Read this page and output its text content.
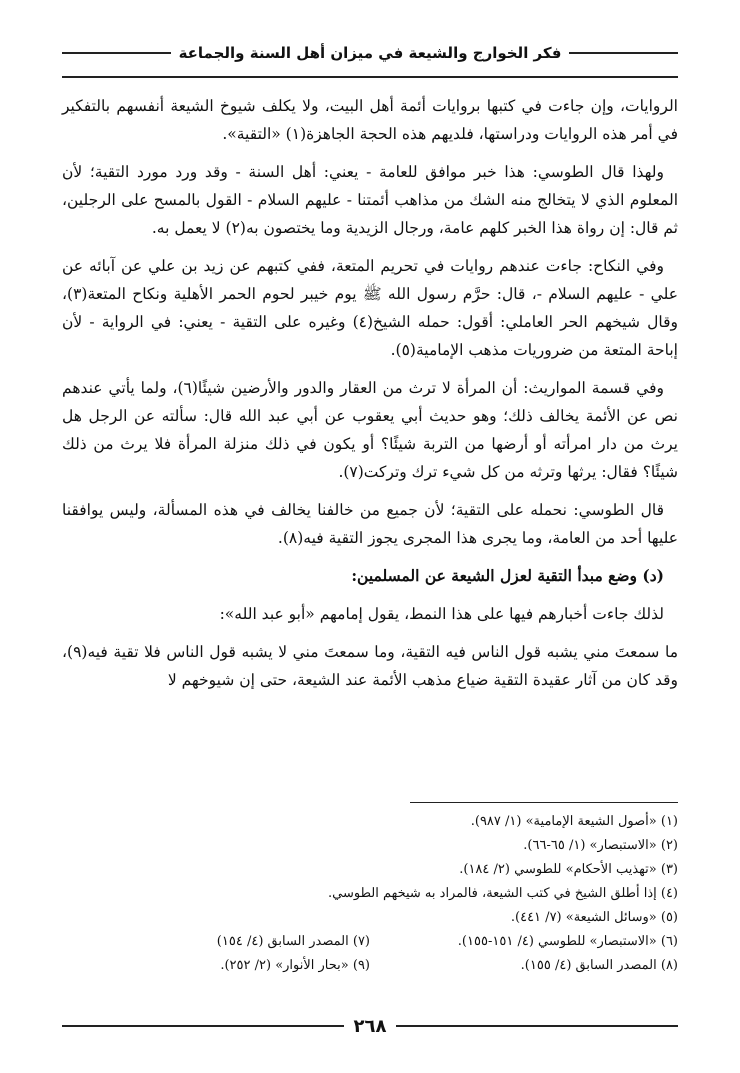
فكر الخوارج والشيعة في ميزان أهل السنة والجماعة

الروايات، وإن جاءت في كتبها بروايات أئمة أهل البيت، ولا يكلف شيوخ الشيعة أنفسهم بالتفكير في أمر هذه الروايات ودراستها، فلديهم هذه الحجة الجاهزة(١) «التقية».

ولهذا قال الطوسي: هذا خبر موافق للعامة - يعني: أهل السنة - وقد ورد مورد التقية؛ لأن المعلوم الذي لا يتخالج منه الشك من مذاهب أئمتنا - عليهم السلام - القول بالمسح على الرجلين، ثم قال: إن رواة هذا الخبر كلهم عامة، ورجال الزيدية وما يختصون به(٢) لا يعمل به.

وفي النكاح: جاءت عندهم روايات في تحريم المتعة، ففي كتبهم عن زيد بن علي عن آبائه عن علي - عليهم السلام -، قال: حرَّم رسول الله ﷺ يوم خيبر لحوم الحمر الأهلية ونكاح المتعة(٣)، وقال شيخهم الحر العاملي: أقول: حمله الشيخ(٤) وغيره على التقية - يعني: في الرواية - لأن إباحة المتعة من ضروريات مذهب الإمامية(٥).

وفي قسمة المواريث: أن المرأة لا ترث من العقار والدور والأرضين شيئًا(٦)، ولما يأتي عندهم نص عن الأئمة يخالف ذلك؛ وهو حديث أبي يعقوب عن أبي عبد الله قال: سألته عن الرجل هل يرث من دار امرأته أو أرضها من التربة شيئًا؟ أو يكون في ذلك منزلة المرأة فلا يرث من ذلك شيئًا؟ فقال: يرثها وترثه من كل شيء ترك وتركت(٧).

قال الطوسي: نحمله على التقية؛ لأن جميع من خالفنا يخالف في هذه المسألة، وليس يوافقنا عليها أحد من العامة، وما يجرى هذا المجرى يجوز التقية فيه(٨).

(د) وضع مبدأ التقية لعزل الشيعة عن المسلمين:

لذلك جاءت أخبارهم فيها على هذا النمط، يقول إمامهم «أبو عبد الله»:

ما سمعتَ مني يشبه قول الناس فيه التقية، وما سمعتَ مني لا يشبه قول الناس فلا تقية فيه(٩)، وقد كان من آثار عقيدة التقية ضياع مذهب الأئمة عند الشيعة، حتى إن شيوخهم لا

(١) «أصول الشيعة الإمامية» (١/ ٩٨٧).
(٢) «الاستبصار» (١/ ٦٥-٦٦).
(٣) «تهذيب الأحكام» للطوسي (٢/ ١٨٤).
(٤) إذا أطلق الشيخ في كتب الشيعة، فالمراد به شيخهم الطوسي.
(٥) «وسائل الشيعة» (٧/ ٤٤١).
(٦) «الاستبصار» للطوسي (٤/ ١٥١-١٥٥).
(٧) المصدر السابق (٤/ ١٥٤)
(٨) المصدر السابق (٤/ ١٥٥).
(٩) «بحار الأنوار» (٢/ ٢٥٢).
٢٦٨
